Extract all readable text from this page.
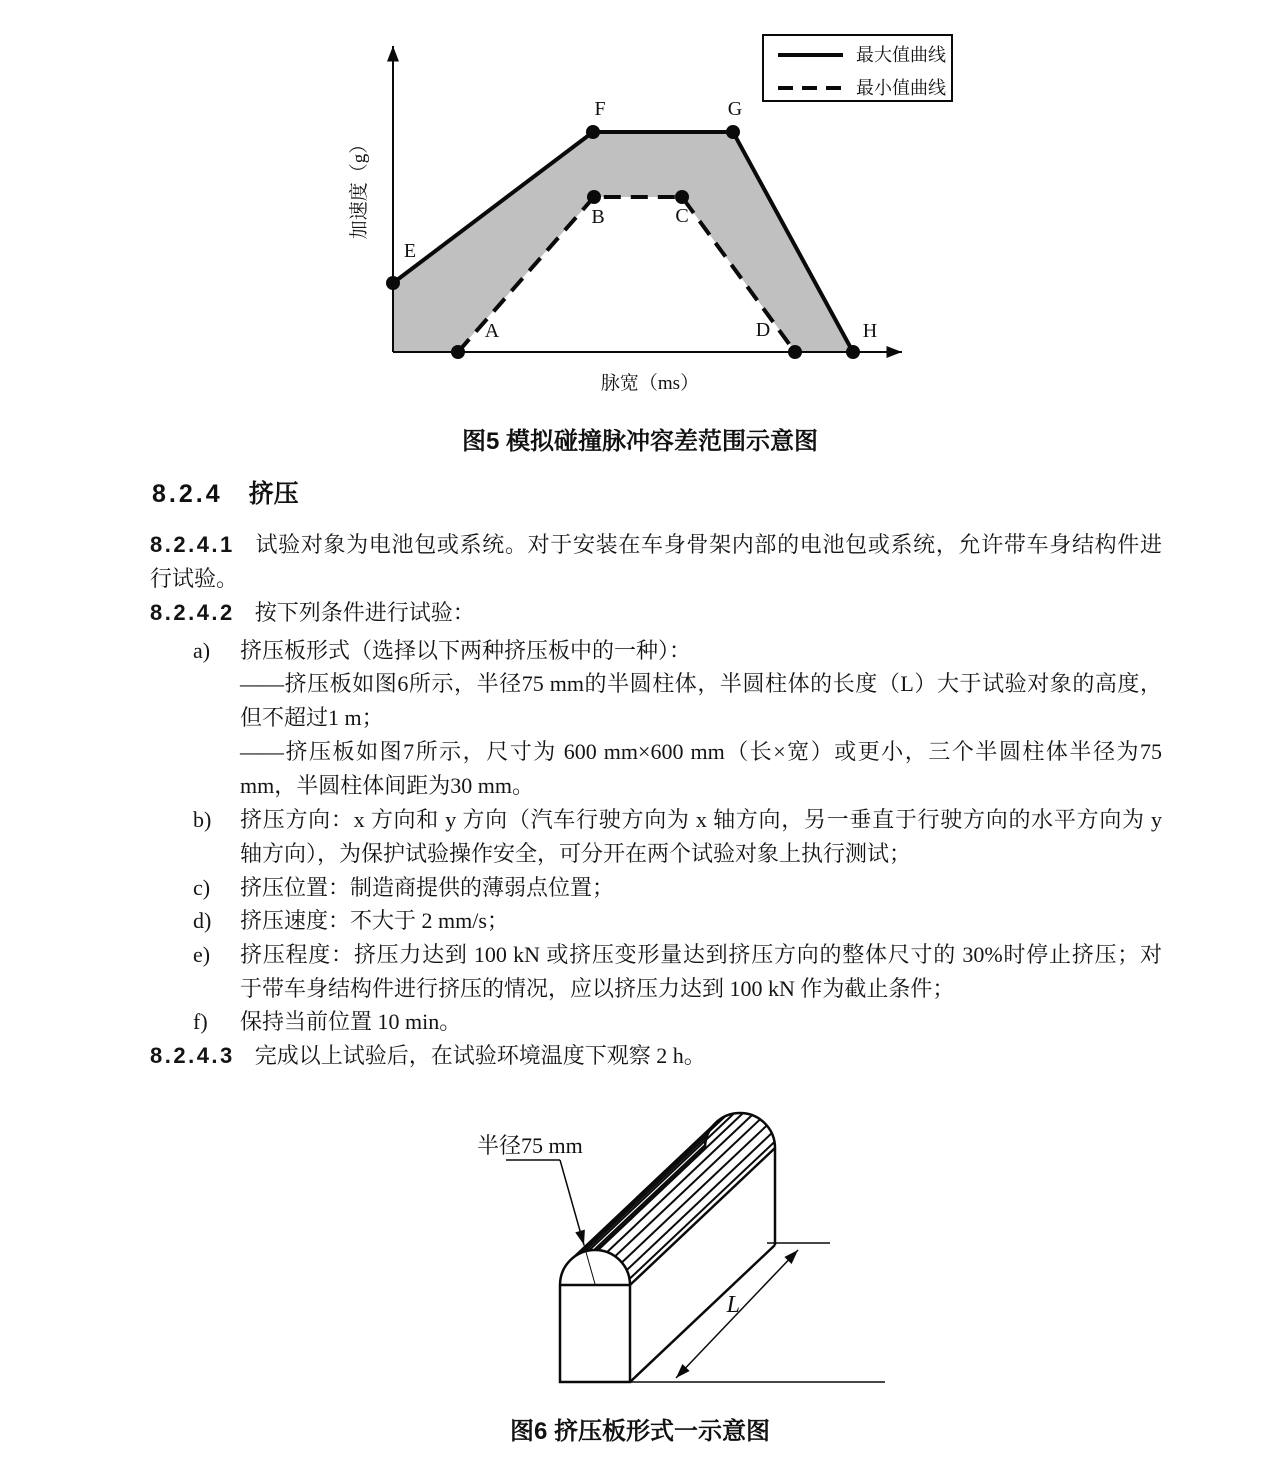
E
F	G
H
A
B	C
D
加速度（g）
脉宽（ms）
最大值曲线
最小值曲线
图5 模拟碰撞脉冲容差范围示意图
8.2.4 挤压
8.2.4.1 试验对象为电池包或系统。对于安装在车身骨架内部的电池包或系统，允许带车身结构件进
行试验。
8.2.4.2 按下列条件进行试验：
a) 挤压板形式（选择以下两种挤压板中的一种）：
——挤压板如图6所示，半径75 mm的半圆柱体，半圆柱体的长度（L）大于试验对象的高度，
但不超过1 m；
——挤压板如图7所示，尺寸为 600 mm×600 mm（长×宽）或更小，三个半圆柱体半径为75
mm，半圆柱体间距为30 mm。
b) 挤压方向：x 方向和 y 方向（汽车行驶方向为 x 轴方向，另一垂直于行驶方向的水平方向为 y
轴方向），为保护试验操作安全，可分开在两个试验对象上执行测试；
c) 挤压位置：制造商提供的薄弱点位置；
d) 挤压速度：不大于 2 mm/s；
e) 挤压程度：挤压力达到 100 kN 或挤压变形量达到挤压方向的整体尺寸的 30%时停止挤压；对
于带车身结构件进行挤压的情况，应以挤压力达到 100 kN 作为截止条件；
f) 保持当前位置 10 min。
8.2.4.3 完成以上试验后，在试验环境温度下观察 2 h。
L
半径75 mm
图6 挤压板形式一示意图
